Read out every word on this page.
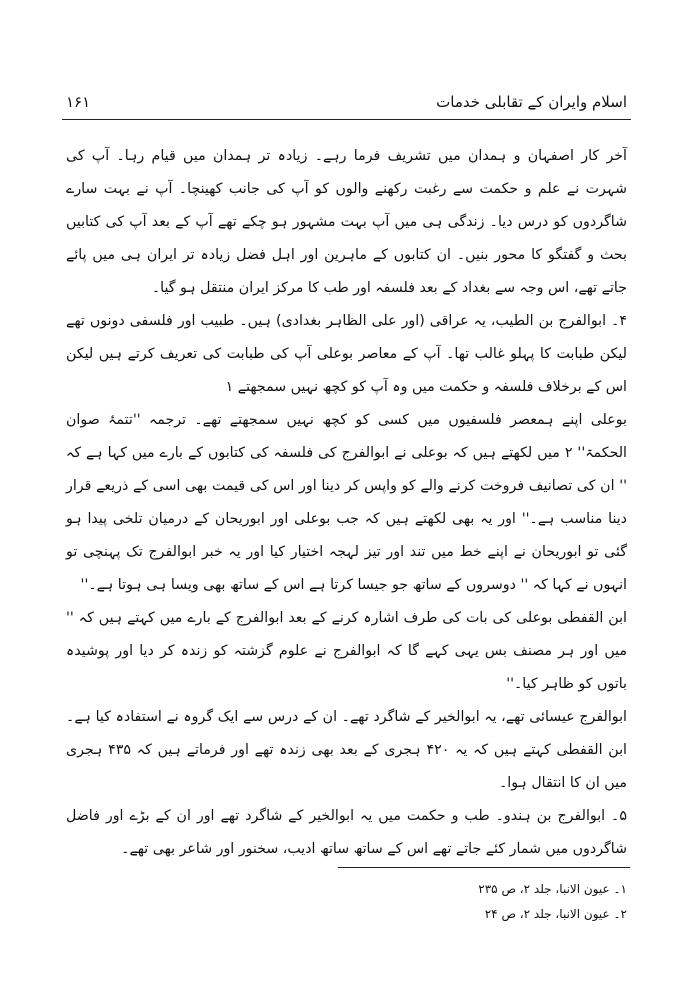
اسلام وایران کے تقابلی خدمات
۱۶۱

آخر کار اصفہان و ہمدان میں تشریف فرما رہے۔ زیادہ تر ہمدان میں قیام رہا۔ آپ کی شہرت نے علم و حکمت سے رغبت رکھنے والوں کو آپ کی جانب کھینچا۔ آپ نے بہت سارے شاگردوں کو درس دیا۔ زندگی ہی میں آپ بہت مشہور ہو چکے تھے آپ کے بعد آپ کی کتابیں بحث و گفتگو کا محور بنیں۔ ان کتابوں کے ماہرین اور اہل فضل زیادہ تر ایران ہی میں پائے جاتے تھے، اس وجہ سے بغداد کے بعد فلسفہ اور طب کا مرکز ایران منتقل ہو گیا۔

۴۔ ابوالفرج بن الطیب، یہ عراقی (اور علی الظاہر بغدادی) ہیں۔ طبیب اور فلسفی دونوں تھے لیکن طبابت کا پہلو غالب تھا۔ آپ کے معاصر بوعلی آپ کی طبابت کی تعریف کرتے ہیں لیکن اس کے برخلاف فلسفہ و حکمت میں وہ آپ کو کچھ نہیں سمجھتے ۱

بوعلی اپنے ہمعصر فلسفیوں میں کسی کو کچھ نہیں سمجھتے تھے۔ ترجمہ ''تتمۂ صوان الحکمۃ'' ۲ میں لکھتے ہیں کہ بوعلی نے ابوالفرج کی فلسفہ کی کتابوں کے بارے میں کہا ہے کہ '' ان کی تصانیف فروخت کرنے والے کو واپس کر دینا اور اس کی قیمت بھی اسی کے ذریعے قرار دینا مناسب ہے۔'' اور یہ بھی لکھتے ہیں کہ جب بوعلی اور ابوریحان کے درمیان تلخی پیدا ہو گئی تو ابوریحان نے اپنے خط میں تند اور تیز لہجہ اختیار کیا اور یہ خبر ابوالفرج تک پہنچی تو انہوں نے کہا کہ '' دوسروں کے ساتھ جو جیسا کرتا ہے اس کے ساتھ بھی ویسا ہی ہوتا ہے۔''

ابن القفطی بوعلی کی بات کی طرف اشارہ کرنے کے بعد ابوالفرج کے بارے میں کہتے ہیں کہ '' میں اور ہر مصنف بس یہی کہے گا کہ ابوالفرج نے علوم گزشتہ کو زندہ کر دیا اور پوشیدہ باتوں کو ظاہر کیا۔''

ابوالفرج عیسائی تھے، یہ ابوالخیر کے شاگرد تھے۔ ان کے درس سے ایک گروہ نے استفادہ کیا ہے۔ ابن القفطی کہتے ہیں کہ یہ ۴۲۰ ہجری کے بعد بھی زندہ تھے اور فرماتے ہیں کہ ۴۳۵ ہجری میں ان کا انتقال ہوا۔

۵۔ ابوالفرج بن ہندو۔ طب و حکمت میں یہ ابوالخیر کے شاگرد تھے اور ان کے بڑے اور فاضل شاگردوں میں شمار کئے جاتے تھے اس کے ساتھ ساتھ ادیب، سخنور اور شاعر بھی تھے۔

۱۔ عیون الانبا، جلد ۲، ص ۲۳۵

۲۔ عیون الانبا، جلد ۲، ص ۲۴
